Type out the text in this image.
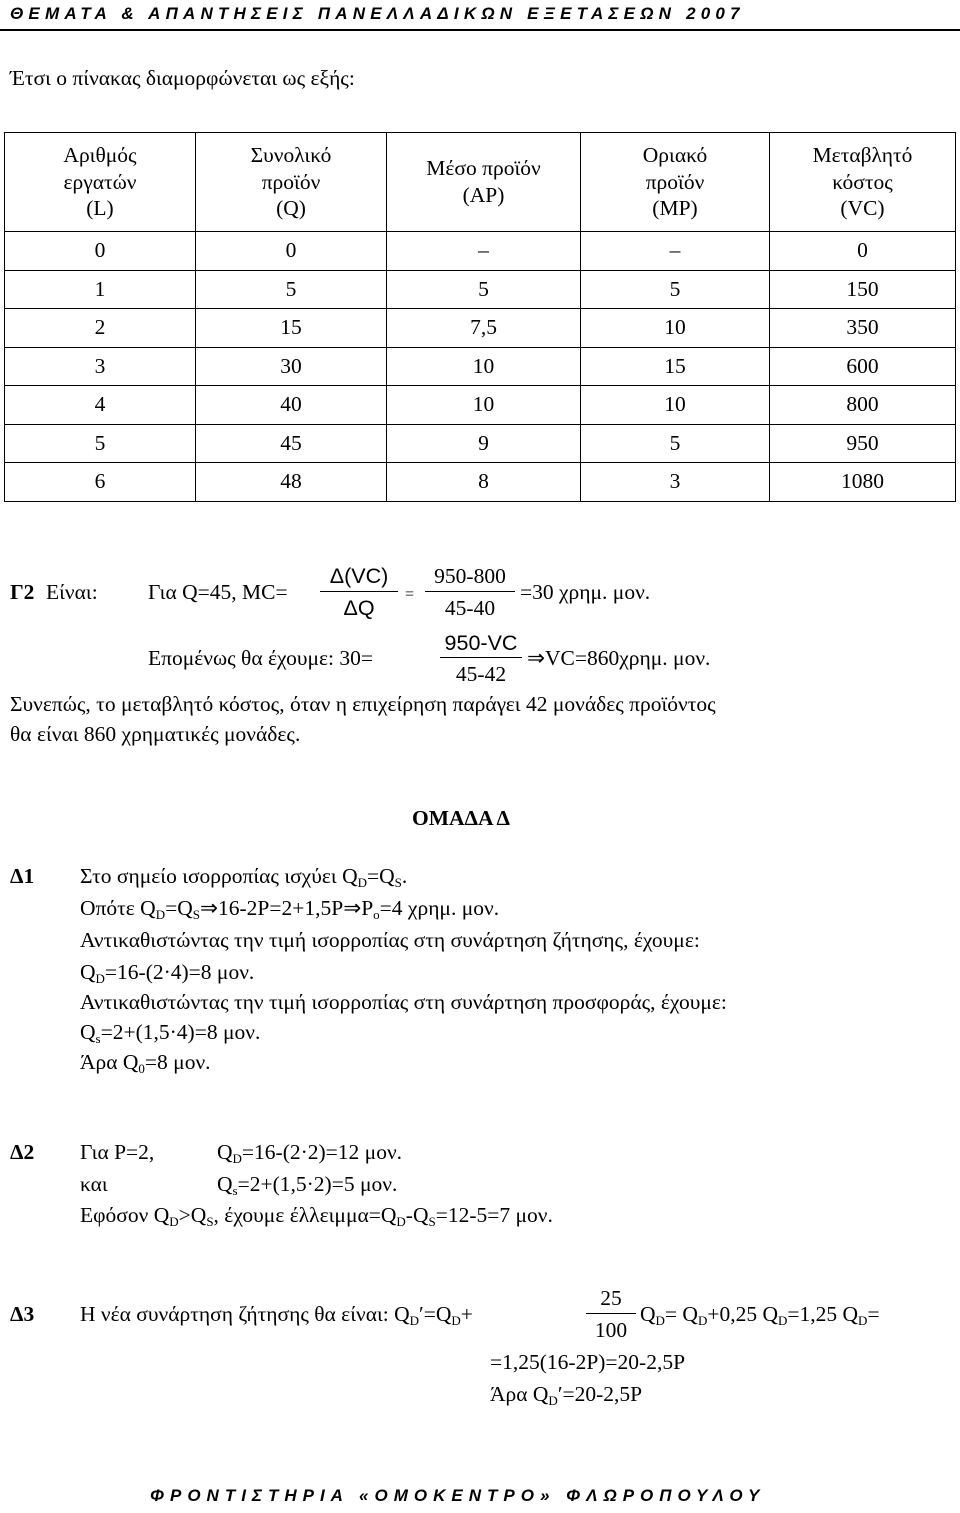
ΘΕΜΑΤΑ & ΑΠΑΝΤΗΣΕΙΣ ΠΑΝΕΛΛΑΔΙΚΩΝ ΕΞΕΤΑΣΕΩΝ 2007
Έτσι ο πίνακας διαμορφώνεται ως εξής:
Αριθμός
εργατών
(L)	Συνολικό
προϊόν
(Q)	Μέσο προϊόν
(AP)	Οριακό
προϊόν
(MP)	Μεταβλητό
κόστος
(VC)
0	0	–	–	0
1	5	5	5	150
2	15	7,5	10	350
3	30	10	15	600
4	40	10	10	800
5	45	9	5	950
6	48	8	3	1080
Γ2 Είναι: Για Q=45, MC=
Δ(VC)
ΔQ
=
950-800
45-40
=30 χρημ. μον.
Επομένως θα έχουμε: 30=
950-VC
45-42
⇒VC=860χρημ. μον.
Συνεπώς, το μεταβλητό κόστος, όταν η επιχείρηση παράγει 42 μονάδες προϊόντος
θα είναι 860 χρηματικές μονάδες.
ΟΜΑΔΑ Δ
Δ1 Στο σημείο ισορροπίας ισχύει QD=QS.
Οπότε QD=QS⇒16-2P=2+1,5P⇒Po=4 χρημ. μον.
Αντικαθιστώντας την τιμή ισορροπίας στη συνάρτηση ζήτησης, έχουμε:
QD=16-(2·4)=8 μον.
Αντικαθιστώντας την τιμή ισορροπίας στη συνάρτηση προσφοράς, έχουμε:
Qs=2+(1,5·4)=8 μον.
Άρα Q0=8 μον.
Δ2 Για P=2,	QD=16-(2·2)=12 μον.
και	Qs=2+(1,5·2)=5 μον.
Εφόσον QD>QS, έχουμε έλλειμμα=QD-QS=12-5=7 μον.
Δ3 Η νέα συνάρτηση ζήτησης θα είναι: QD′=QD+
25
100
QD= QD+0,25 QD=1,25 QD=
=1,25(16-2P)=20-2,5P
Άρα QD′=20-2,5P
ΦΡΟΝΤΙΣΤΗΡΙΑ «ΟΜΟΚΕΝΤΡΟ» ΦΛΩΡΟΠΟΥΛΟΥ
